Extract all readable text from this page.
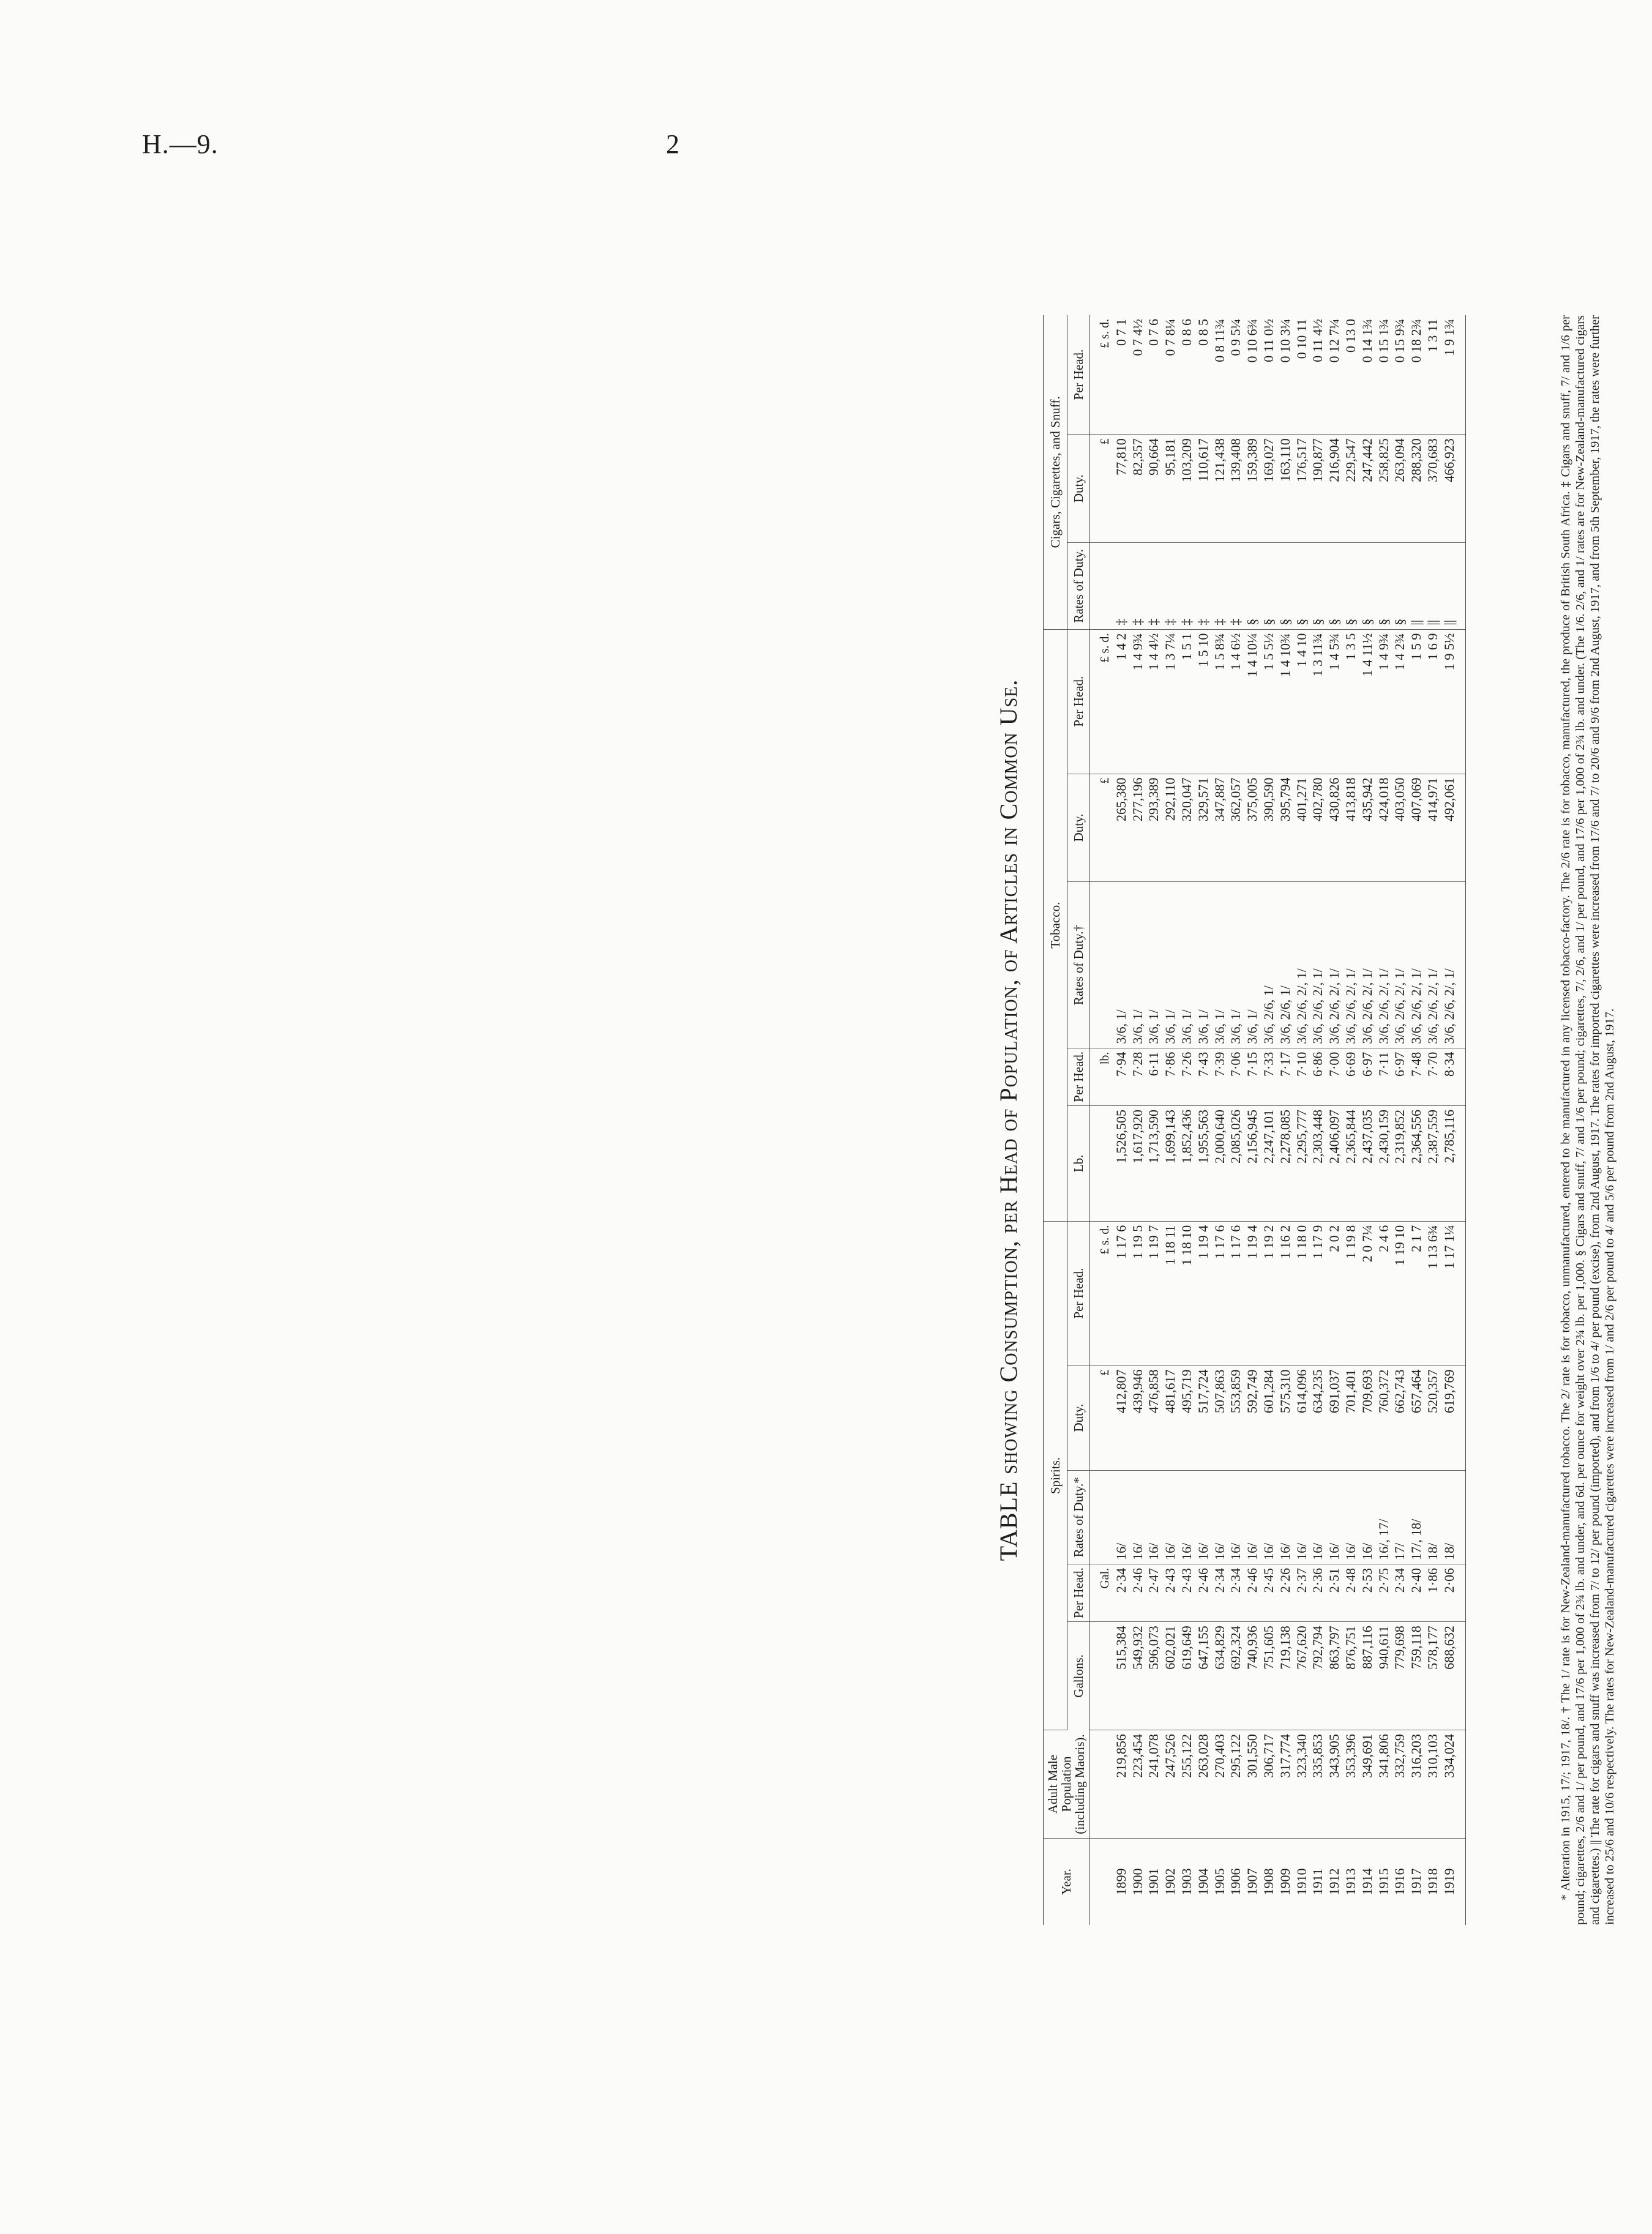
H.—9.	2
TABLE showing Consumption, per Head of Population, of Articles in Common Use.
Year.	Adult Male Population (including Maoris).	Spirits.					Tobacco.					Cigars, Cigarettes, and Snuff.		
		Gallons.	Per Head.	Rates of Duty.*	Duty.	Per Head.	Lb.	Per Head.	Rates of Duty.†	Duty.	Per Head.	Rates of Duty.	Duty.	Per Head.
			Gal.		£	£ s. d.		lb.		£	£ s. d.		£	£ s. d.
1899	219,856	515,384	2·34	16/	412,807	1 17 6	1,526,505	7·94	3/6, 1/	265,380	1 4 2	‡	77,810	0 7 1
1900	223,454	549,932	2·46	16/	439,946	1 19 5	1,617,920	7·28	3/6, 1/	277,196	1 4 9¾	‡	82,357	0 7 4½
1901	241,078	596,073	2·47	16/	476,858	1 19 7	1,713,590	6·11	3/6, 1/	293,389	1 4 4½	‡	90,664	0 7 6
1902	247,526	602,021	2·43	16/	481,617	1 18 11	1,699,143	7·86	3/6, 1/	292,110	1 3 7¼	‡	95,181	0 7 8¼
1903	255,122	619,649	2·43	16/	495,719	1 18 10	1,852,436	7·26	3/6, 1/	320,047	1 5 1	‡	103,209	0 8 6
1904	263,028	647,155	2·46	16/	517,724	1 19 4	1,955,563	7·43	3/6, 1/	329,571	1 5 10	‡	110,617	0 8 5
1905	270,403	634,829	2·34	16/	507,863	1 17 6	2,000,640	7·39	3/6, 1/	347,887	1 5 8¾	‡	121,438	0 8 11¾
1906	295,122	692,324	2·34	16/	553,859	1 17 6	2,085,026	7·06	3/6, 1/	362,057	1 4 6½	‡	139,408	0 9 5¼
1907	301,550	740,936	2·46	16/	592,749	1 19 4	2,156,945	7·15	3/6, 1/	375,005	1 4 10¼	§	159,389	0 10 6¾
1908	306,717	751,605	2·45	16/	601,284	1 19 2	2,247,101	7·33	3/6, 2/6, 1/	390,590	1 5 5½	§	169,027	0 11 0½
1909	317,774	719,138	2·26	16/	575,310	1 16 2	2,278,085	7·17	3/6, 2/6, 1/	395,794	1 4 10¾	§	163,110	0 10 3¼
1910	323,340	767,620	2·37	16/	614,096	1 18 0	2,295,777	7·10	3/6, 2/6, 2/, 1/	401,271	1 4 10	§	176,517	0 10 11
1911	335,853	792,794	2·36	16/	634,235	1 17 9	2,303,448	6·86	3/6, 2/6, 2/, 1/	402,780	1 3 11¾	§	190,877	0 11 4½
1912	343,905	863,797	2·51	16/	691,037	2 0 2	2,406,097	7·00	3/6, 2/6, 2/, 1/	430,826	1 4 5¾	§	216,904	0 12 7¼
1913	353,396	876,751	2·48	16/	701,401	1 19 8	2,365,844	6·69	3/6, 2/6, 2/, 1/	413,818	1 3 5	§	229,547	0 13 0
1914	349,691	887,116	2·53	16/	709,693	2 0 7¼	2,437,035	6·97	3/6, 2/6, 2/, 1/	435,942	1 4 11½	§	247,442	0 14 1¾
1915	341,806	940,611	2·75	16/, 17/	760,372	2 4 6	2,430,159	7·11	3/6, 2/6, 2/, 1/	424,018	1 4 9¾	§	258,825	0 15 1¾
1916	332,759	779,698	2·34	17/	662,743	1 19 10	2,319,852	6·97	3/6, 2/6, 2/, 1/	403,050	1 4 2¾	§	263,094	0 15 9¾
1917	316,203	759,118	2·40	17/, 18/	657,464	2 1 7	2,364,556	7·48	3/6, 2/6, 2/, 1/	407,069	1 5 9	||	288,320	0 18 2¾
1918	310,103	578,177	1·86	18/	520,357	1 13 6¾	2,387,559	7·70	3/6, 2/6, 2/, 1/	414,971	1 6 9	||	370,683	1 3 11
1919	334,024	688,632	2·06	18/	619,769	1 17 1¼	2,785,116	8·34	3/6, 2/6, 2/, 1/	492,061	1 9 5½	||	466,923	1 9 1¾	* Alteration in 1915, 17/; 1917, 18/. † The 1/ rate is for New-Zealand-manufactured tobacco. The 2/ rate is for tobacco, unmanufactured, entered to be manufactured in any licensed tobacco-factory. The 2/6 rate is for tobacco, manufactured, the produce of British South Africa. ‡ Cigars and snuff, 7/ and 1/6 per pound; cigarettes, 2/6 and 1/ per pound, and 17/6 per 1,000 of 2¾ lb. and under, and 6d. per ounce for weight over 2¾ lb. per 1,000. § Cigars and snuff, 7/ and 1/6 per pound; cigarettes, 7/, 2/6, and 1/ per pound, and 17/6 per 1,000 of 2¾ lb. and under. (The 1/6. 2/6, and 1/ rates are for New-Zealand-manufactured cigars and cigarettes.) || The rate for cigars and snuff was increased from 7/ to 12/ per pound (imported), and from 1/6 to 4/ per pound (excise), from 2nd August, 1917. The rates for imported cigarettes were increased from 17/6 and 7/ to 20/6 and 9/6 from 2nd August, 1917, and from 5th September, 1917, the rates were further increased to 25/6 and 10/6 respectively. The rates for New-Zealand-manufactured cigarettes were increased from 1/ and 2/6 per pound to 4/ and 5/6 per pound from 2nd August, 1917.
